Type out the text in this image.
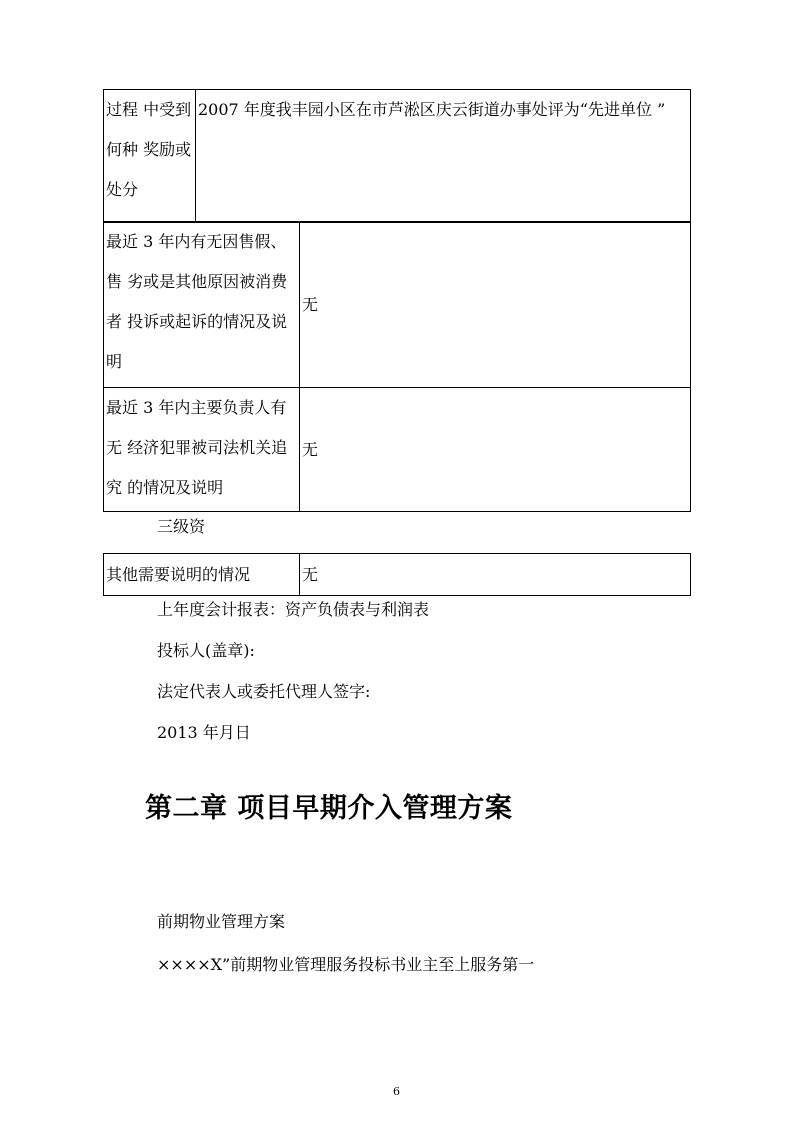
过程 中受到何种 奖励或处分	2007 年度我丰园小区在市芦淞区庆云街道办事处评为“先进单位 ”
最近 3 年内有无因售假、售 劣或是其他原因被消费者 投诉或起诉的情况及说明	无
最近 3 年内主要负责人有无 经济犯罪被司法机关追究 的情况及说明	无
三级资
其他需要说明的情况	无
上年度会计报表：资产负债表与利润表
投标人(盖章):
法定代表人或委托代理人签字:
2013 年月日
第二章 项目早期介入管理方案
前期物业管理方案
××××X”前期物业管理服务投标书业主至上服务第一
6
